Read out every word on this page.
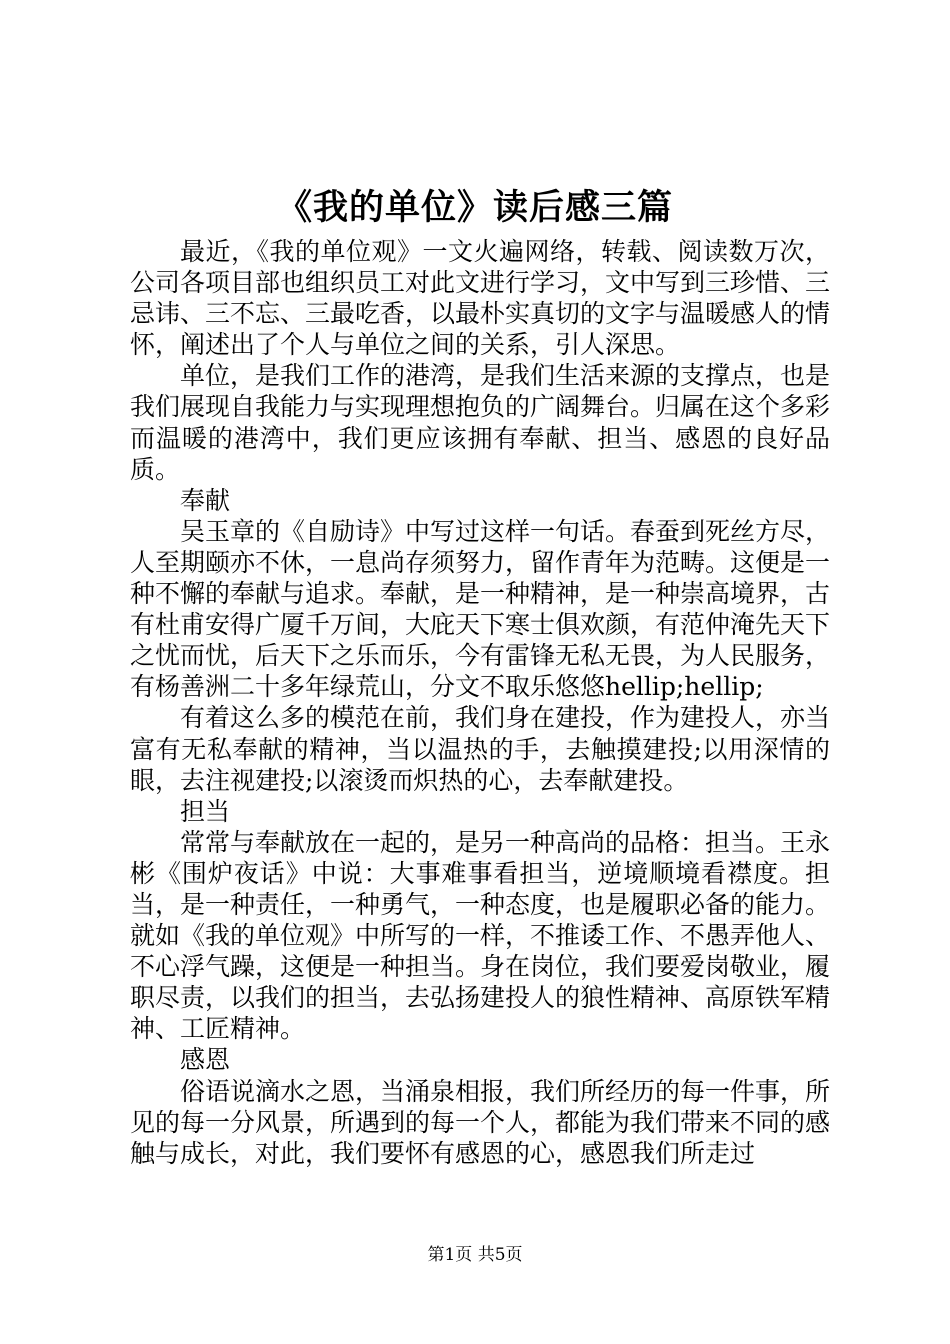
《我的单位》读后感三篇

最近，《我的单位观》一文火遍网络，转载、阅读数万次，公司各项目部也组织员工对此文进行学习，文中写到三珍惜、三忌讳、三不忘、三最吃香，以最朴实真切的文字与温暖感人的情怀，阐述出了个人与单位之间的关系，引人深思。

单位，是我们工作的港湾，是我们生活来源的支撑点，也是我们展现自我能力与实现理想抱负的广阔舞台。归属在这个多彩而温暖的港湾中，我们更应该拥有奉献、担当、感恩的良好品质。

奉献

吴玉章的《自励诗》中写过这样一句话。春蚕到死丝方尽，人至期颐亦不休，一息尚存须努力，留作青年为范畴。这便是一种不懈的奉献与追求。奉献，是一种精神，是一种崇高境界，古有杜甫安得广厦千万间，大庇天下寒士俱欢颜，有范仲淹先天下之忧而忧，后天下之乐而乐，今有雷锋无私无畏，为人民服务，有杨善洲二十多年绿荒山，分文不取乐悠悠hellip;hellip;

有着这么多的模范在前，我们身在建投，作为建投人，亦当富有无私奉献的精神，当以温热的手，去触摸建投;以用深情的眼，去注视建投;以滚烫而炽热的心，去奉献建投。

担当

常常与奉献放在一起的，是另一种高尚的品格：担当。王永彬《围炉夜话》中说：大事难事看担当，逆境顺境看襟度。担当，是一种责任，一种勇气，一种态度，也是履职必备的能力。就如《我的单位观》中所写的一样，不推诿工作、不愚弄他人、不心浮气躁，这便是一种担当。身在岗位，我们要爱岗敬业，履职尽责，以我们的担当，去弘扬建投人的狼性精神、高原铁军精神、工匠精神。

感恩

俗语说滴水之恩，当涌泉相报，我们所经历的每一件事，所见的每一分风景，所遇到的每一个人，都能为我们带来不同的感触与成长，对此，我们要怀有感恩的心，感恩我们所走过

第1页 共5页
